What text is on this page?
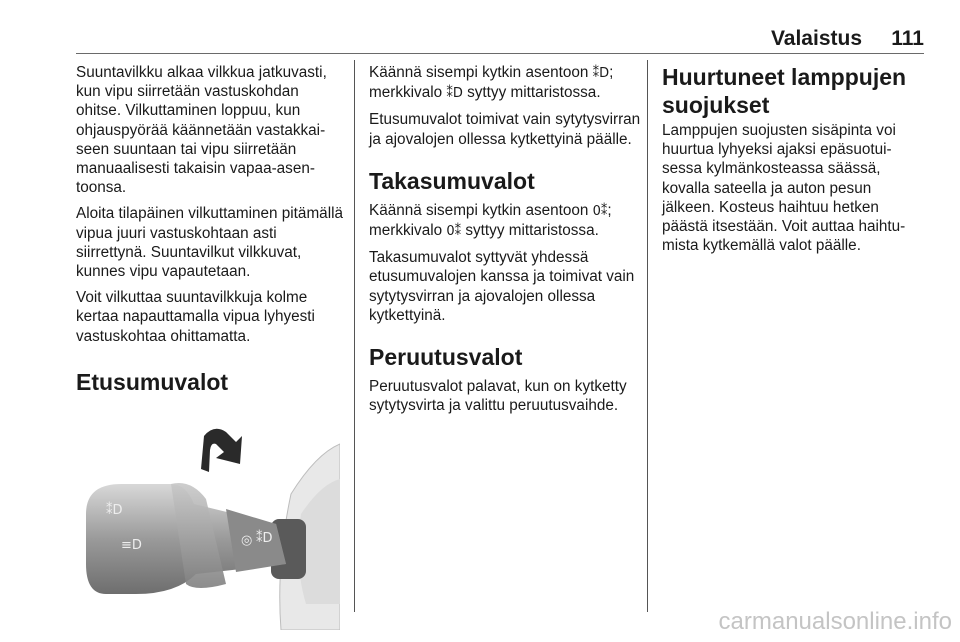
Valaistus 111

Suuntavilkku alkaa vilkkua jatkuvasti, kun vipu siirretään vastuskohdan ohitse. Vilkuttaminen loppuu, kun ohjauspyörää käännetään vastakkaiseen suuntaan tai vipu siirretään manuaalisesti takaisin vapaa-asentoonsa.

Aloita tilapäinen vilkuttaminen pitämällä vipua juuri vastuskohtaan asti siirrettynä. Suuntavilkut vilkkuvat, kunnes vipu vapautetaan.

Voit vilkuttaa suuntavilkkuja kolme kertaa napauttamalla vipua lyhyesti vastuskohtaa ohittamatta.

Etusumuvalot
⁑D
≡D	◎ ⁑D

Käännä sisempi kytkin asentoon ⁑D; merkkivalo ⁑D syttyy mittaristossa.

Etusumuvalot toimivat vain sytytysvirran ja ajovalojen ollessa kytkettyinä päälle.

Takasumuvalot

Käännä sisempi kytkin asentoon 0⁑; merkkivalo 0⁑ syttyy mittaristossa.

Takasumuvalot syttyvät yhdessä etusumuvalojen kanssa ja toimivat vain sytytysvirran ja ajovalojen ollessa kytkettyinä.

Peruutusvalot

Peruutusvalot palavat, kun on kytketty sytytysvirta ja valittu peruutusvaihde.

Huurtuneet lamppujen suojukset

Lamppujen suojusten sisäpinta voi huurtua lyhyeksi ajaksi epäsuotuisessa kylmänkosteassa säässä, kovalla sateella ja auton pesun jälkeen. Kosteus haihtuu hetken päästä itsestään. Voit auttaa haihtumista kytkemällä valot päälle.

carmanualsonline.info
